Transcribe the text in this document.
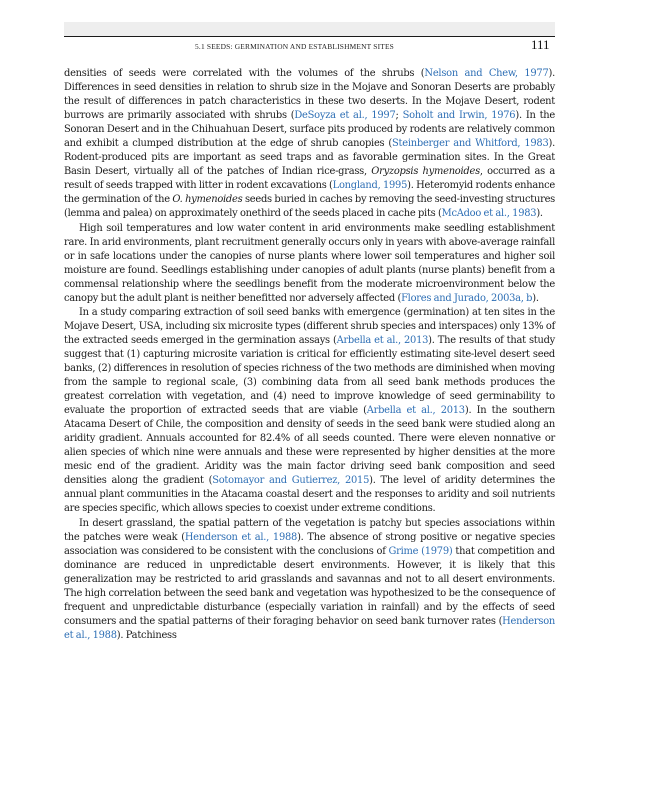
5.1 SEEDS: GERMINATION AND ESTABLISHMENT SITES	111

densities of seeds were correlated with the volumes of the shrubs (Nelson and Chew, 1977). Differences in seed densities in relation to shrub size in the Mojave and Sonoran Deserts are probably the result of differences in patch characteristics in these two deserts. In the Mojave Desert, rodent burrows are primarily associated with shrubs (DeSoyza et al., 1997; Soholt and Irwin, 1976). In the Sonoran Desert and in the Chihuahuan Desert, surface pits produced by rodents are relatively common and exhibit a clumped distribution at the edge of shrub canopies (Steinberger and Whitford, 1983). Rodent-produced pits are important as seed traps and as favorable germination sites. In the Great Basin Desert, virtually all of the patches of Indian rice-grass, Oryzopsis hymenoides, occurred as a result of seeds trapped with litter in rodent excavations (Longland, 1995). Heteromyid rodents enhance the germination of the O. hymenoides seeds buried in caches by removing the seed-investing structures (lemma and palea) on approximately onethird of the seeds placed in cache pits (McAdoo et al., 1983).

High soil temperatures and low water content in arid environments make seedling establishment rare. In arid environments, plant recruitment generally occurs only in years with above-average rainfall or in safe locations under the canopies of nurse plants where lower soil temperatures and higher soil moisture are found. Seedlings establishing under canopies of adult plants (nurse plants) benefit from a commensal relationship where the seedlings benefit from the moderate microenvironment below the canopy but the adult plant is neither benefitted nor adversely affected (Flores and Jurado, 2003a, b).

In a study comparing extraction of soil seed banks with emergence (germination) at ten sites in the Mojave Desert, USA, including six microsite types (different shrub species and interspaces) only 13% of the extracted seeds emerged in the germination assays (Arbella et al., 2013). The results of that study suggest that (1) capturing microsite variation is critical for efficiently estimating site-level desert seed banks, (2) differences in resolution of species richness of the two methods are diminished when moving from the sample to regional scale, (3) combining data from all seed bank methods produces the greatest correlation with vegetation, and (4) need to improve knowledge of seed germinability to evaluate the proportion of extracted seeds that are viable (Arbella et al., 2013). In the southern Atacama Desert of Chile, the composition and density of seeds in the seed bank were studied along an aridity gradient. Annuals accounted for 82.4% of all seeds counted. There were eleven nonnative or alien species of which nine were annuals and these were represented by higher densities at the more mesic end of the gradient. Aridity was the main factor driving seed bank composition and seed densities along the gradient (Sotomayor and Gutierrez, 2015). The level of aridity determines the annual plant communities in the Atacama coastal desert and the responses to aridity and soil nutrients are species specific, which allows species to coexist under extreme conditions.

In desert grassland, the spatial pattern of the vegetation is patchy but species associations within the patches were weak (Henderson et al., 1988). The absence of strong positive or negative species association was considered to be consistent with the conclusions of Grime (1979) that competition and dominance are reduced in unpredictable desert environments. However, it is likely that this generalization may be restricted to arid grasslands and savannas and not to all desert environments. The high correlation between the seed bank and vegetation was hypothesized to be the consequence of frequent and unpredictable disturbance (especially variation in rainfall) and by the effects of seed consumers and the spatial patterns of their foraging behavior on seed bank turnover rates (Henderson et al., 1988). Patchiness
